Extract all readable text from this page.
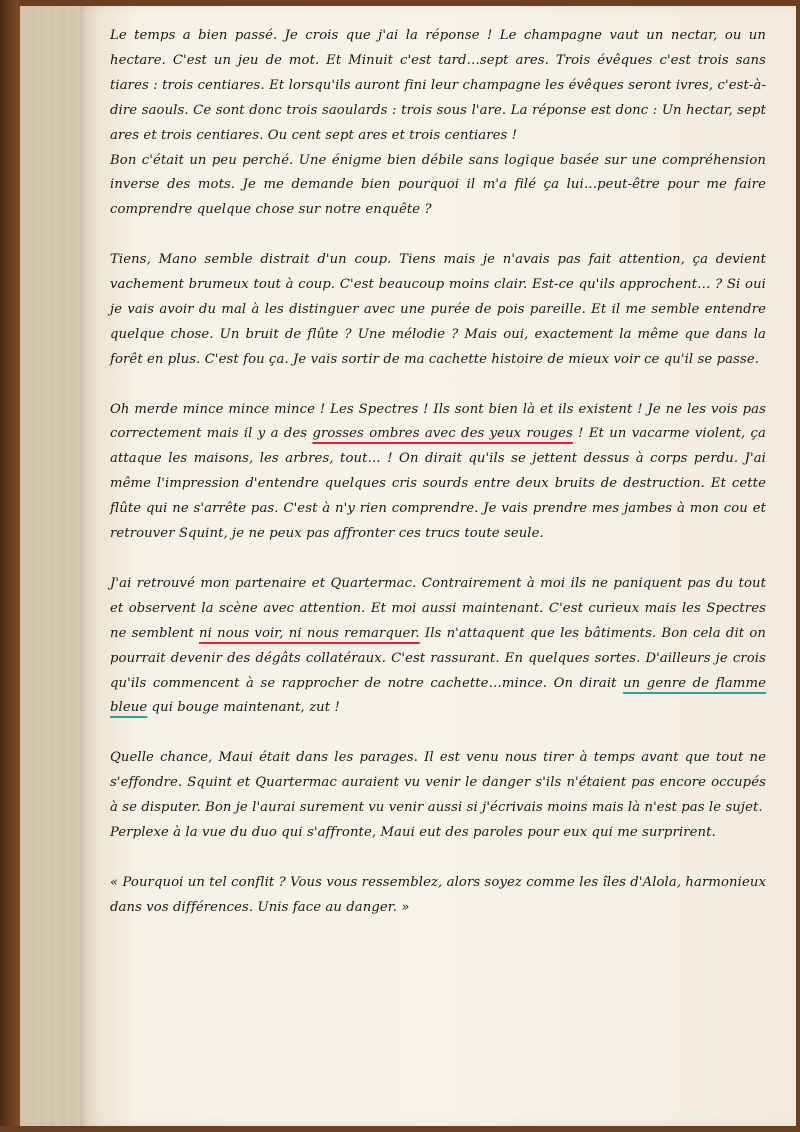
Le temps a bien passé. Je crois que j'ai la réponse ! Le champagne vaut un nectar, ou un hectare. C'est un jeu de mot. Et Minuit c'est tard…sept ares. Trois évêques c'est trois sans tiares : trois centiares. Et lorsqu'ils auront fini leur champagne les évêques seront ivres, c'est-à-dire saouls. Ce sont donc trois saoulards : trois sous l'are. La réponse est donc : Un hectar, sept ares et trois centiares. Ou cent sept ares et trois centiares !

Bon c'était un peu perché. Une énigme bien débile sans logique basée sur une compréhension inverse des mots. Je me demande bien pourquoi il m'a filé ça lui…peut-être pour me faire comprendre quelque chose sur notre enquête ?

Tiens, Mano semble distrait d'un coup. Tiens mais je n'avais pas fait attention, ça devient vachement brumeux tout à coup. C'est beaucoup moins clair. Est-ce qu'ils approchent… ? Si oui je vais avoir du mal à les distinguer avec une purée de pois pareille. Et il me semble entendre quelque chose. Un bruit de flûte ? Une mélodie ? Mais oui, exactement la même que dans la forêt en plus. C'est fou ça. Je vais sortir de ma cachette histoire de mieux voir ce qu'il se passe.

Oh merde mince mince mince ! Les Spectres ! Ils sont bien là et ils existent ! Je ne les vois pas correctement mais il y a des grosses ombres avec des yeux rouges ! Et un vacarme violent, ça attaque les maisons, les arbres, tout… ! On dirait qu'ils se jettent dessus à corps perdu. J'ai même l'impression d'entendre quelques cris sourds entre deux bruits de destruction. Et cette flûte qui ne s'arrête pas. C'est à n'y rien comprendre. Je vais prendre mes jambes à mon cou et retrouver Squint, je ne peux pas affronter ces trucs toute seule.

J'ai retrouvé mon partenaire et Quartermac. Contrairement à moi ils ne paniquent pas du tout et observent la scène avec attention. Et moi aussi maintenant. C'est curieux mais les Spectres ne semblent ni nous voir, ni nous remarquer. Ils n'attaquent que les bâtiments. Bon cela dit on pourrait devenir des dégâts collatéraux. C'est rassurant. En quelques sortes. D'ailleurs je crois qu'ils commencent à se rapprocher de notre cachette…mince. On dirait un genre de flamme bleue qui bouge maintenant, zut !

Quelle chance, Maui était dans les parages. Il est venu nous tirer à temps avant que tout ne s'effondre. Squint et Quartermac auraient vu venir le danger s'ils n'étaient pas encore occupés à se disputer. Bon je l'aurai surement vu venir aussi si j'écrivais moins mais là n'est pas le sujet.

Perplexe à la vue du duo qui s'affronte, Maui eut des paroles pour eux qui me surprirent.

« Pourquoi un tel conflit ? Vous vous ressemblez, alors soyez comme les îles d'Alola, harmonieux dans vos différences. Unis face au danger. »
